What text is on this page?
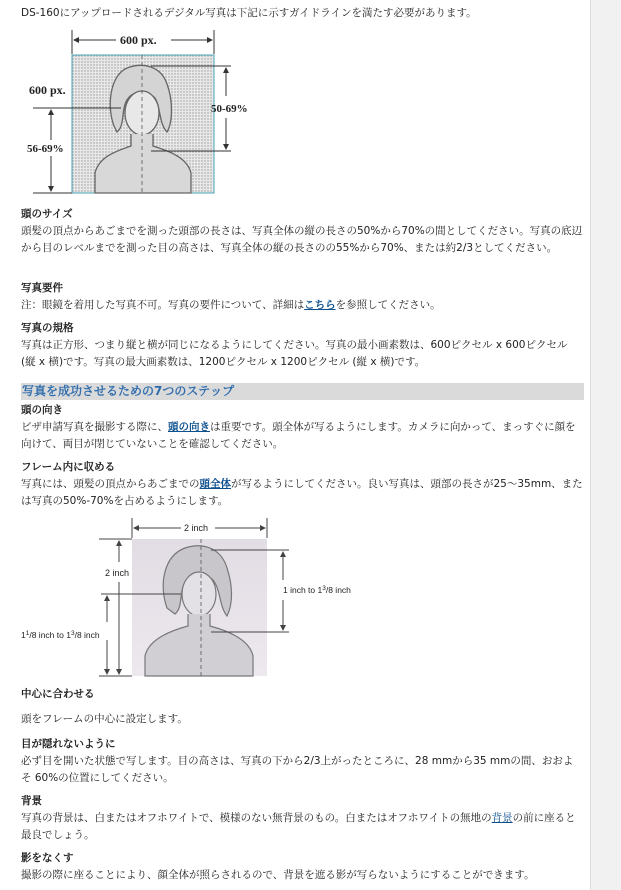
DS-160にアップロードされるデジタル写真は下記に示すガイドラインを満たす必要があります。

600 px.
50-69%
600 px.
56-69%

頭のサイズ

頭髪の頂点からあごまでを測った頭部の長さは、写真全体の縦の長さの50%から70%の間としてください。写真の底辺から目のレベルまでを測った目の高さは、写真全体の縦の長さのの55%から70%、または約2/3としてください。

写真要件

注：眼鏡を着用した写真不可。写真の要件について、詳細はこちらを参照してください。

写真の規格

写真は正方形、つまり縦と横が同じになるようにしてください。写真の最小画素数は、600ピクセル x 600ピクセル (縦 x 横)です。写真の最大画素数は、1200ピクセル x 1200ピクセル (縦 x 横)です。

写真を成功させるための7つのステップ

頭の向き

ビザ申請写真を撮影する際に、頭の向きは重要です。頭全体が写るようにします。カメラに向かって、まっすぐに顔を向けて、両目が閉じていないことを確認してください。

フレーム内に収める

写真には、頭髪の頂点からあごまでの頭全体が写るようにしてください。良い写真は、頭部の長さが25～35mm、または写真の50%-70%を占めるようにします。

2 inch
1 inch to $1^3/8$ inch
2 inch
$1^1/8$ inch to $1^3/8$ inch

中心に合わせる

頭をフレームの中心に設定します。

目が隠れないように

必ず目を開いた状態で写します。目の高さは、写真の下から2/3上がったところに、28 mmから35 mmの間、おおよそ 60%の位置にしてください。

背景

写真の背景は、白またはオフホワイトで、模様のない無背景のもの。白またはオフホワイトの無地の背景の前に座ると最良でしょう。

影をなくす

撮影の際に座ることにより、顔全体が照らされるので、背景を遮る影が写らないようにすることができます。
